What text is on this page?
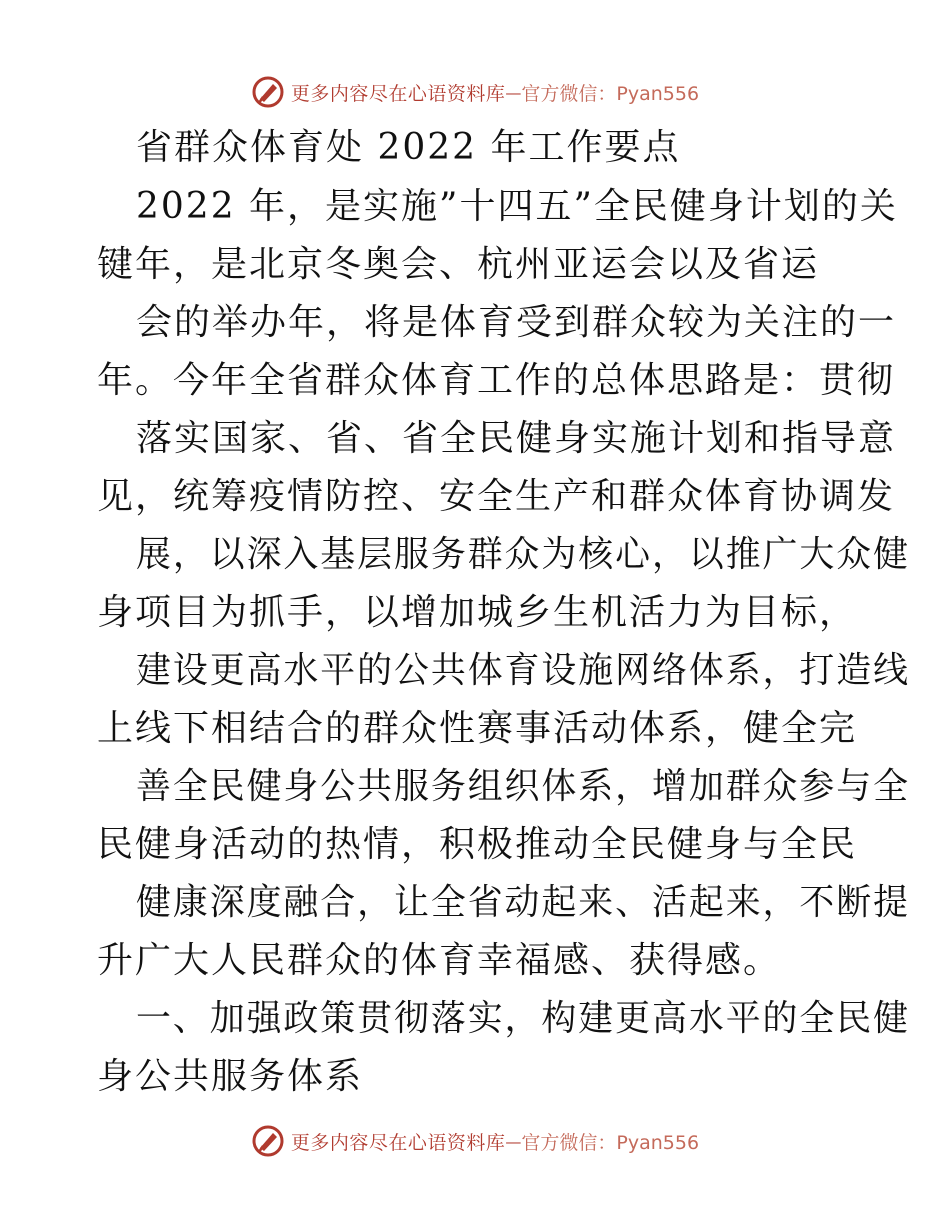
更多内容尽在心语资料库 — 官方微信：Pyan556
省群众体育处 2022 年工作要点
2022 年，是实施”十四五”全民健身计划的关
键年，是北京冬奥会、杭州亚运会以及省运
会的举办年，将是体育受到群众较为关注的一
年。今年全省群众体育工作的总体思路是：贯彻
落实国家、省、省全民健身实施计划和指导意
见，统筹疫情防控、安全生产和群众体育协调发
展，以深入基层服务群众为核心，以推广大众健
身项目为抓手，以增加城乡生机活力为目标，
建设更高水平的公共体育设施网络体系，打造线
上线下相结合的群众性赛事活动体系，健全完
善全民健身公共服务组织体系，增加群众参与全
民健身活动的热情，积极推动全民健身与全民
健康深度融合，让全省动起来、活起来，不断提
升广大人民群众的体育幸福感、获得感。
一、加强政策贯彻落实，构建更高水平的全民健
身公共服务体系
更多内容尽在心语资料库 — 官方微信：Pyan556
